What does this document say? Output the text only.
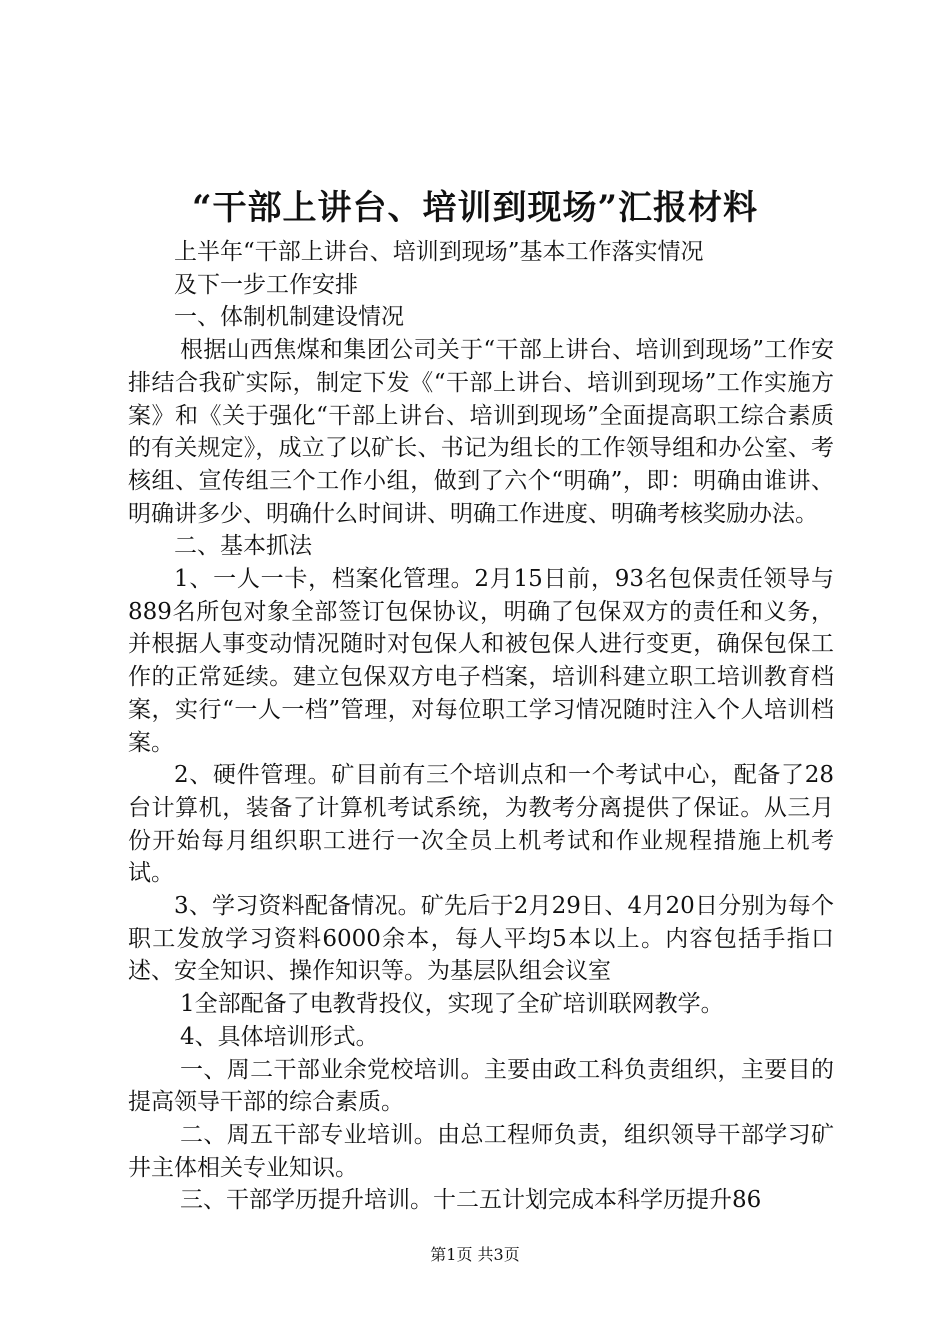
“干部上讲台、培训到现场”汇报材料

上半年“干部上讲台、培训到现场”基本工作落实情况

及下一步工作安排

一、体制机制建设情况

根据山西焦煤和集团公司关于“干部上讲台、培训到现场”工作安排结合我矿实际，制定下发《“干部上讲台、培训到现场”工作实施方案》和《关于强化“干部上讲台、培训到现场”全面提高职工综合素质的有关规定》，成立了以矿长、书记为组长的工作领导组和办公室、考核组、宣传组三个工作小组，做到了六个“明确”，即：明确由谁讲、明确讲多少、明确什么时间讲、明确工作进度、明确考核奖励办法。

二、基本抓法

1、一人一卡，档案化管理。2月15日前，93名包保责任领导与889名所包对象全部签订包保协议，明确了包保双方的责任和义务，并根据人事变动情况随时对包保人和被包保人进行变更，确保包保工作的正常延续。建立包保双方电子档案，培训科建立职工培训教育档案，实行“一人一档”管理，对每位职工学习情况随时注入个人培训档案。

2、硬件管理。矿目前有三个培训点和一个考试中心，配备了28台计算机，装备了计算机考试系统，为教考分离提供了保证。从三月份开始每月组织职工进行一次全员上机考试和作业规程措施上机考试。

3、学习资料配备情况。矿先后于2月29日、4月20日分别为每个职工发放学习资料6000余本，每人平均5本以上。内容包括手指口述、安全知识、操作知识等。为基层队组会议室

1全部配备了电教背投仪，实现了全矿培训联网教学。

4、具体培训形式。

一、周二干部业余党校培训。主要由政工科负责组织，主要目的提高领导干部的综合素质。

二、周五干部专业培训。由总工程师负责，组织领导干部学习矿井主体相关专业知识。

三、干部学历提升培训。十二五计划完成本科学历提升86

第1页 共3页
